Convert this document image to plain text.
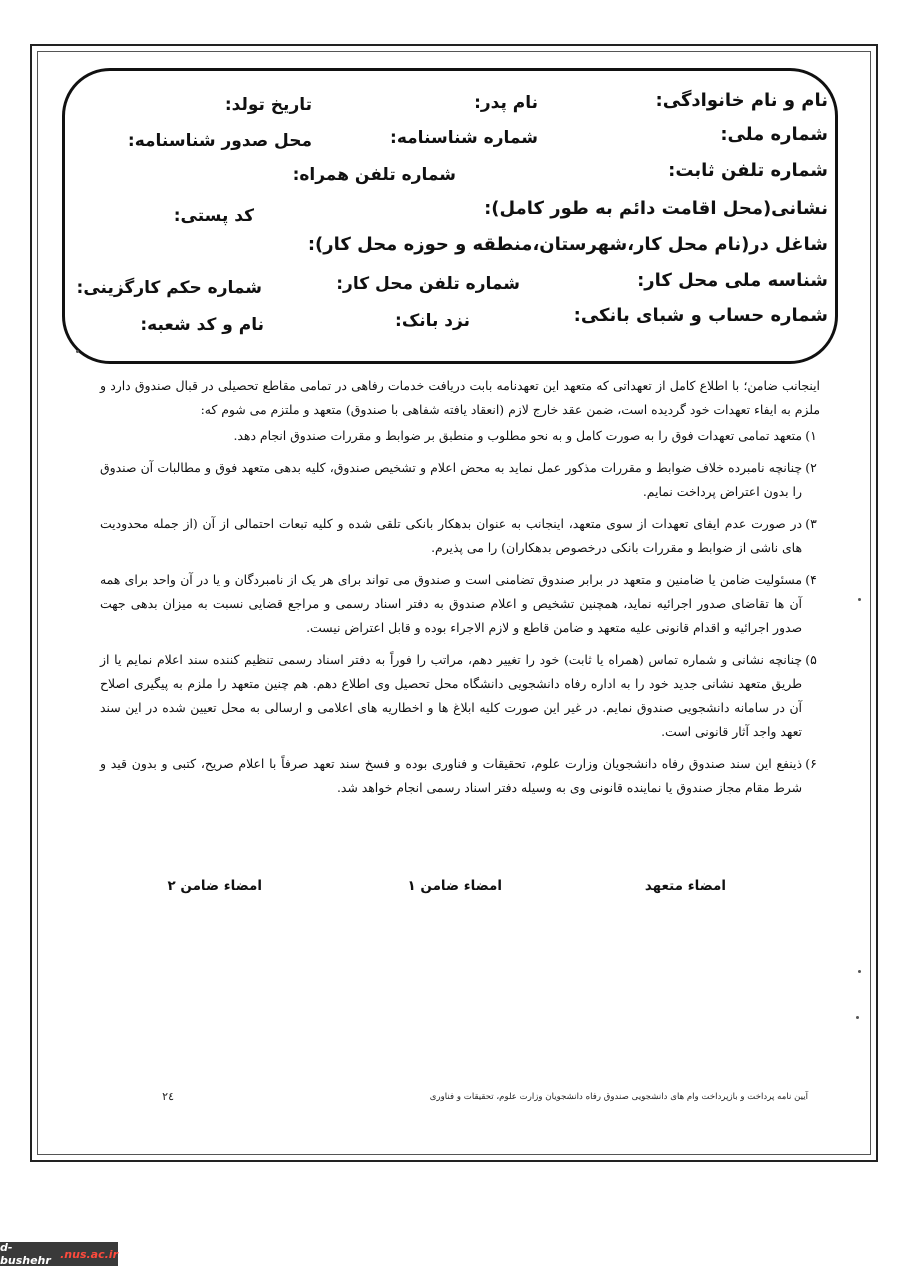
نام و نام خانوادگی:
نام پدر:
تاریخ تولد:
شماره ملی:
شماره شناسنامه:
محل صدور شناسنامه:
شماره تلفن ثابت:
شماره تلفن همراه:
نشانی(محل اقامت دائم به طور کامل):
کد پستی:
شاغل در(نام محل کار،شهرستان،منطقه و حوزه محل کار):
شناسه ملی محل کار:
شماره تلفن محل کار:
شماره حکم کارگزینی:
شماره حساب و شبای بانکی:
نزد بانک:
نام و کد شعبه:

اینجانب ضامن؛ با اطلاع کامل از تعهداتی که متعهد این تعهدنامه بابت دریافت خدمات رفاهی در تمامی مقاطع تحصیلی در قبال صندوق دارد و ملزم به ایفاء تعهدات خود گردیده است، ضمن عقد خارج لازم (انعقاد یافته شفاهی با صندوق) متعهد و ملتزم می شوم که:

۱)
متعهد تمامی تعهدات فوق را به صورت کامل و به نحو مطلوب و منطبق بر ضوابط و مقررات صندوق انجام دهد.
۲)
چنانچه نامبرده خلاف ضوابط و مقررات مذکور عمل نماید به محض اعلام و تشخیص صندوق، کلیه بدهی متعهد فوق و مطالبات آن صندوق را بدون اعتراض پرداخت نمایم.
۳)
در صورت عدم ایفای تعهدات از سوی متعهد، اینجانب به عنوان بدهکار بانکی تلقی شده و کلیه تبعات احتمالی از آن (از جمله محدودیت های ناشی از ضوابط و مقررات بانکی درخصوص بدهکاران) را می پذیرم.
۴)
مسئولیت ضامن یا ضامنین و متعهد در برابر صندوق تضامنی است و صندوق می تواند برای هر یک از نامبردگان و یا در آن واحد برای همه آن ها تقاضای صدور اجرائیه نماید، همچنین تشخیص و اعلام صندوق به دفتر اسناد رسمی و مراجع قضایی نسبت به میزان بدهی جهت صدور اجرائیه و اقدام قانونی علیه متعهد و ضامن قاطع و لازم الاجراء بوده و قابل اعتراض نیست.
۵)
چنانچه نشانی و شماره تماس (همراه یا ثابت) خود را تغییر دهم، مراتب را فوراً به دفتر اسناد رسمی تنظیم کننده سند اعلام نمایم یا از طریق متعهد نشانی جدید خود را به اداره رفاه دانشجویی دانشگاه محل تحصیل وی اطلاع دهم. هم چنین متعهد را ملزم به پیگیری اصلاح آن در سامانه دانشجویی صندوق نمایم. در غیر این صورت کلیه ابلاغ ها و اخطاریه های اعلامی و ارسالی به محل تعیین شده در این سند تعهد واجد آثار قانونی است.
۶)
ذینفع این سند صندوق رفاه دانشجویان وزارت علوم، تحقیقات و فناوری بوده و فسخ سند تعهد صرفاً با اعلام صریح، کتبی و بدون قید و شرط مقام مجاز صندوق یا نماینده قانونی وی به وسیله دفتر اسناد رسمی انجام خواهد شد.
امضاء متعهد
امضاء ضامن ۱
امضاء ضامن ۲
آیین نامه پرداخت و بازپرداخت وام های دانشجویی صندوق رفاه دانشجویان وزارت علوم، تحقیقات و فناوری
۲٤
d-bushehr .nus.ac.ir
